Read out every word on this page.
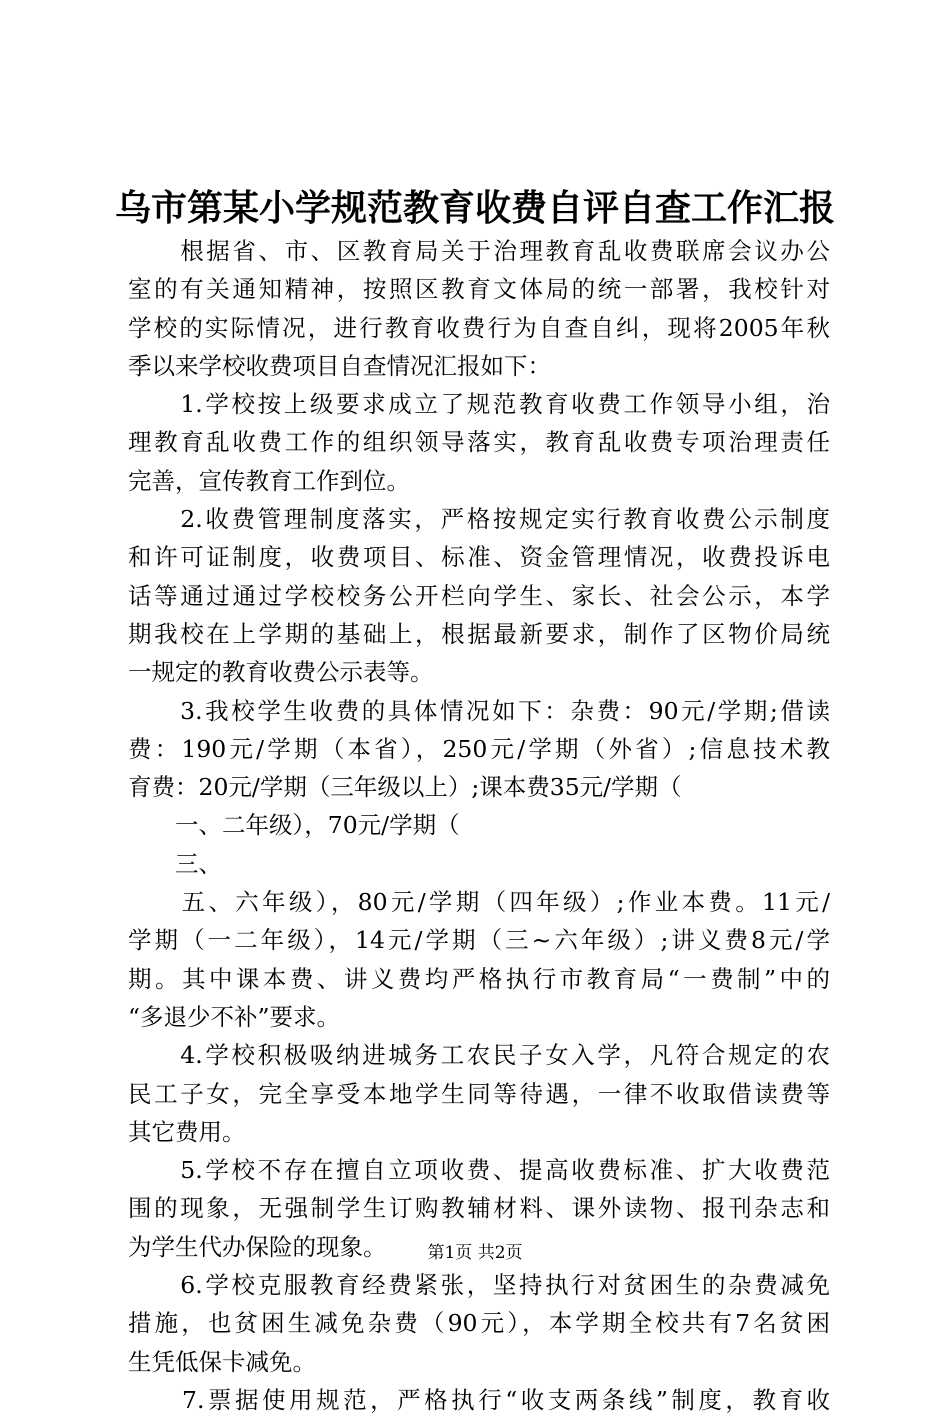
乌市第某小学规范教育收费自评自查工作汇报
　　根据省、市、区教育局关于治理教育乱收费联席会议办公
室的有关通知精神，按照区教育文体局的统一部署，我校针对
学校的实际情况，进行教育收费行为自查自纠，现将2005年秋
季以来学校收费项目自查情况汇报如下：
　　1.学校按上级要求成立了规范教育收费工作领导小组，治
理教育乱收费工作的组织领导落实，教育乱收费专项治理责任
完善，宣传教育工作到位。
　　2.收费管理制度落实，严格按规定实行教育收费公示制度
和许可证制度，收费项目、标准、资金管理情况，收费投诉电
话等通过通过学校校务公开栏向学生、家长、社会公示，本学
期我校在上学期的基础上，根据最新要求，制作了区物价局统
一规定的教育收费公示表等。
　　3.我校学生收费的具体情况如下：杂费：90元/学期;借读
费：190元/学期（本省），250元/学期（外省）;信息技术教
育费：20元/学期（三年级以上）;课本费35元/学期（
　　一、二年级），70元/学期（
　　三、
　　五、六年级），80元/学期（四年级）;作业本费。11元/
学期（一二年级），14元/学期（三~六年级）;讲义费8元/学
期。其中课本费、讲义费均严格执行市教育局“一费制”中的
“多退少不补”要求。
　　4.学校积极吸纳进城务工农民子女入学，凡符合规定的农
民工子女，完全享受本地学生同等待遇，一律不收取借读费等
其它费用。
　　5.学校不存在擅自立项收费、提高收费标准、扩大收费范
围的现象，无强制学生订购教辅材料、课外读物、报刊杂志和
为学生代办保险的现象。
　　6.学校克服教育经费紧张，坚持执行对贫困生的杂费减免
措施，也贫困生减免杂费（90元），本学期全校共有7名贫困
生凭低保卡减免。
　　7.票据使用规范，严格执行“收支两条线”制度，教育收
第1页 共2页
